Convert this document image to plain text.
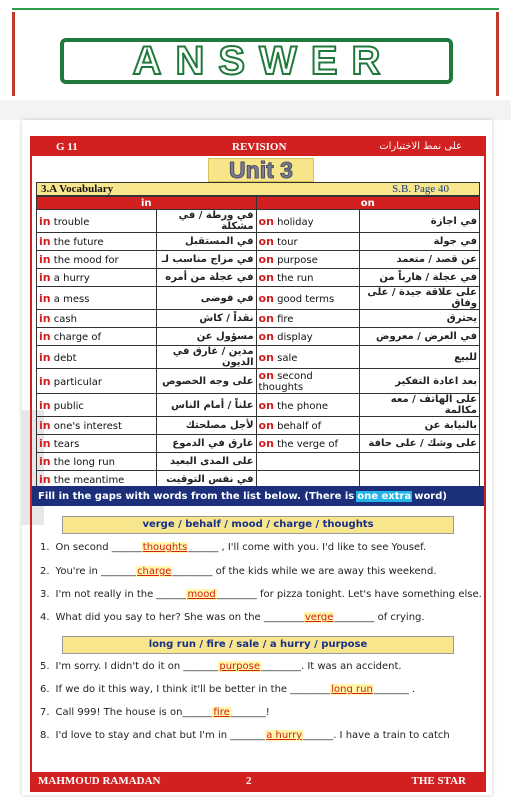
ANSWER
G 11	REVISION	على نمط الاختبارات
Unit 3
3.A Vocabulary	S.B. Page 40
in		on	
in trouble	في ورطة / في مشكلة	on holiday	في اجازة
in the future	في المستقبل	on tour	في جولة
in the mood for	في مزاج مناسب لـ	on purpose	عن قصد / متعمد
in a hurry	في عجلة من أمره	on the run	في عجلة / هارباً من
in a mess	في فوضى	on good terms	على علاقة جيدة / على وفاق
in cash	نقداً / كاش	on fire	يحترق
in charge of	مسؤول عن	on display	في العرض / معروض
in debt	مدين / غارق في الديون	on sale	للبيع
in particular	على وجه الخصوص	on second thoughts	بعد اعادة التفكير
in public	علناً / أمام الناس	on the phone	على الهاتف / معه مكالمة
in one's interest	لأجل مصلحتك	on behalf of	بالنيابة عن
in tears	غارق في الدموع	on the verge of	على وشك / على حافة
in the long run	على المدى البعيد		
in the meantime	في نفس التوقيت		
Fill in the gaps with words from the list below. (There is one extra word)
verge / behalf / mood / charge / thoughts
1. On second ______thoughts______ , I'll come with you. I'd like to see Yousef.
2. You're in _______charge________ of the kids while we are away this weekend.
3. I'm not really in the ______mood________ for pizza tonight. Let's have something else.
4. What did you say to her? She was on the ________verge________ of crying.
5. I'm sorry. I didn't do it on _______purpose________. It was an accident.
6. If we do it this way, I think it'll be better in the ________long run_______ .
7. Call 999! The house is on______fire_______!
8. I'd love to stay and chat but I'm in _______a hurry______. I have a train to catch
long run / fire / sale / a hurry / purpose
MAHMOUD RAMADAN	2	THE STAR
